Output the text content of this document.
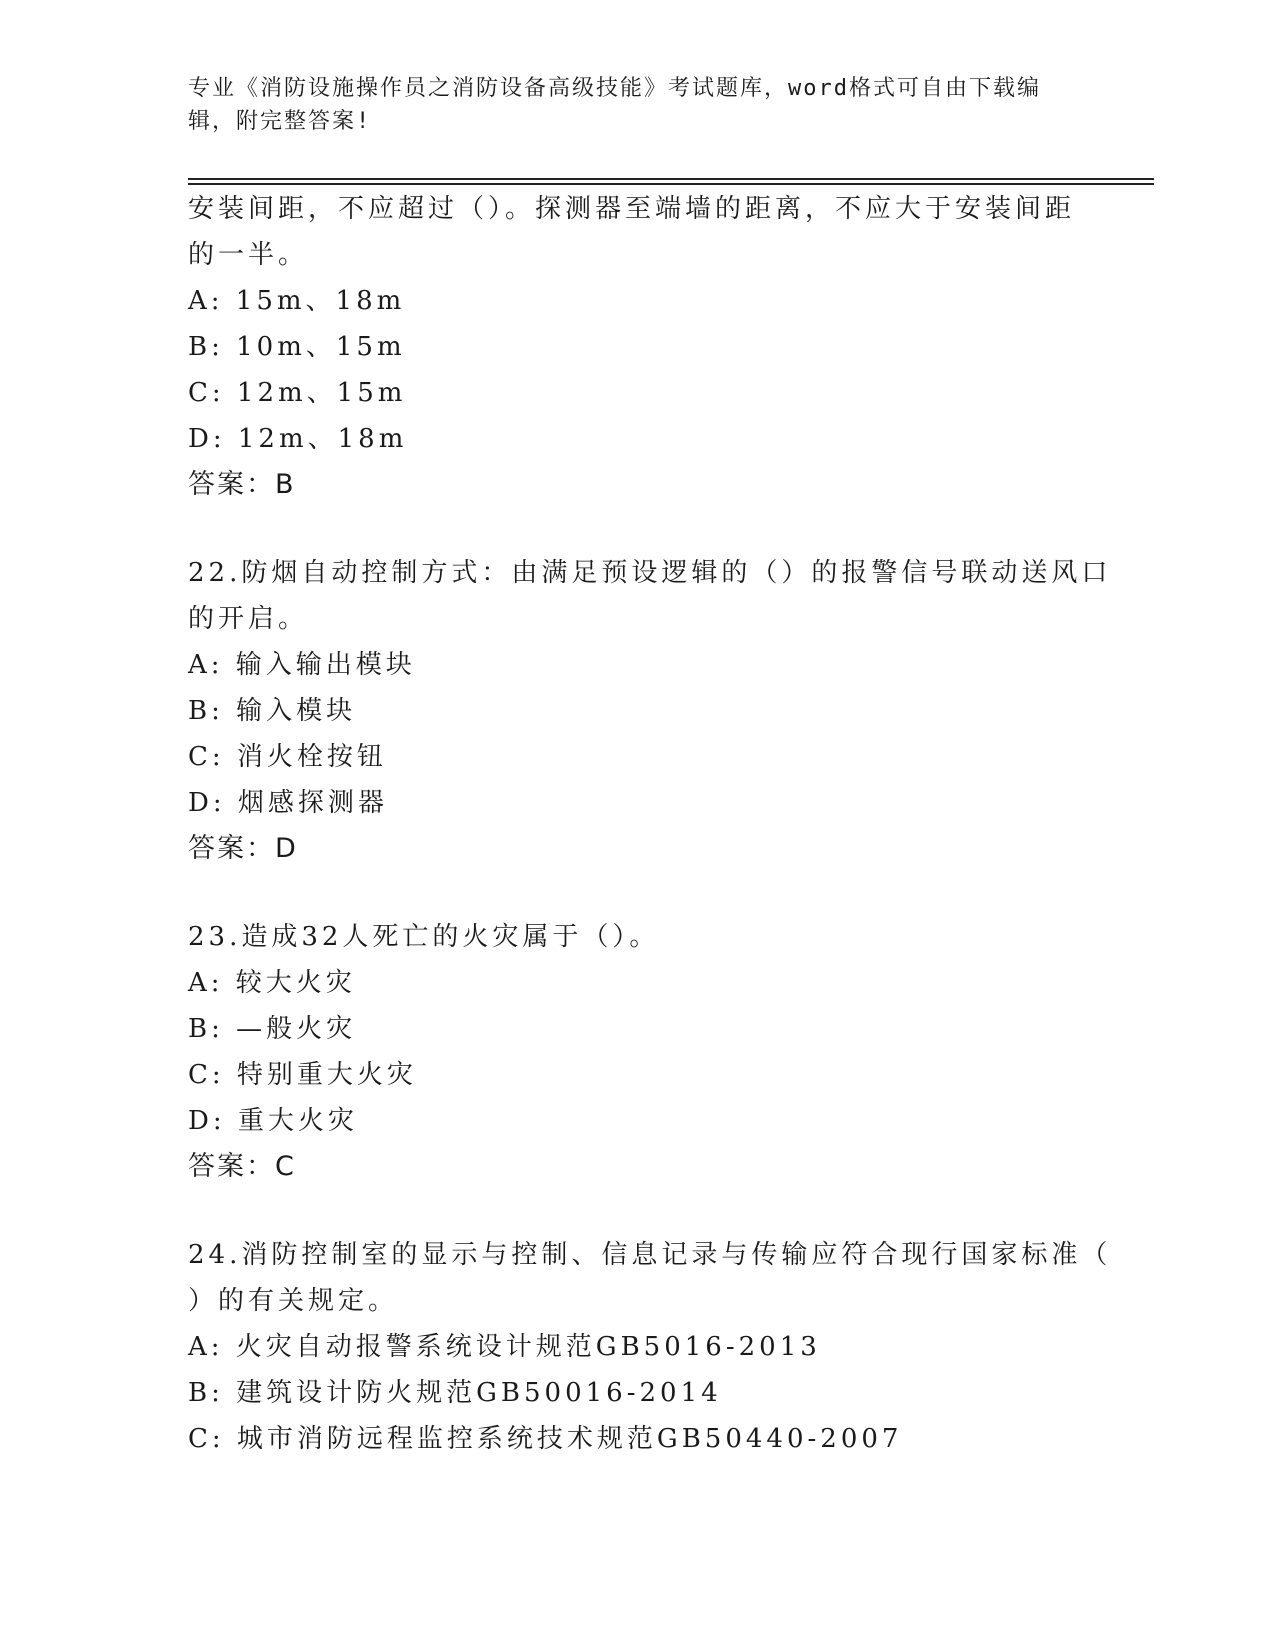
专业《消防设施操作员之消防设备高级技能》考试题库，word格式可自由下载编
辑，附完整答案!
安装间距，不应超过（）。探测器至端墙的距离，不应大于安装间距
的一半。
A: 15m、18m
B: 10m、15m
C: 12m、15m
D: 12m、18m
答案：B
22.防烟自动控制方式：由满足预设逻辑的（）的报警信号联动送风口
的开启。
A: 输入输出模块
B: 输入模块
C: 消火栓按钮
D: 烟感探测器
答案：D
23.造成32人死亡的火灾属于（）。
A: 较大火灾
B: —般火灾
C: 特别重大火灾
D: 重大火灾
答案：C
24.消防控制室的显示与控制、信息记录与传输应符合现行国家标准（
）的有关规定。
A: 火灾自动报警系统设计规范GB5016-2013
B: 建筑设计防火规范GB50016-2014
C: 城市消防远程监控系统技术规范GB50440-2007
